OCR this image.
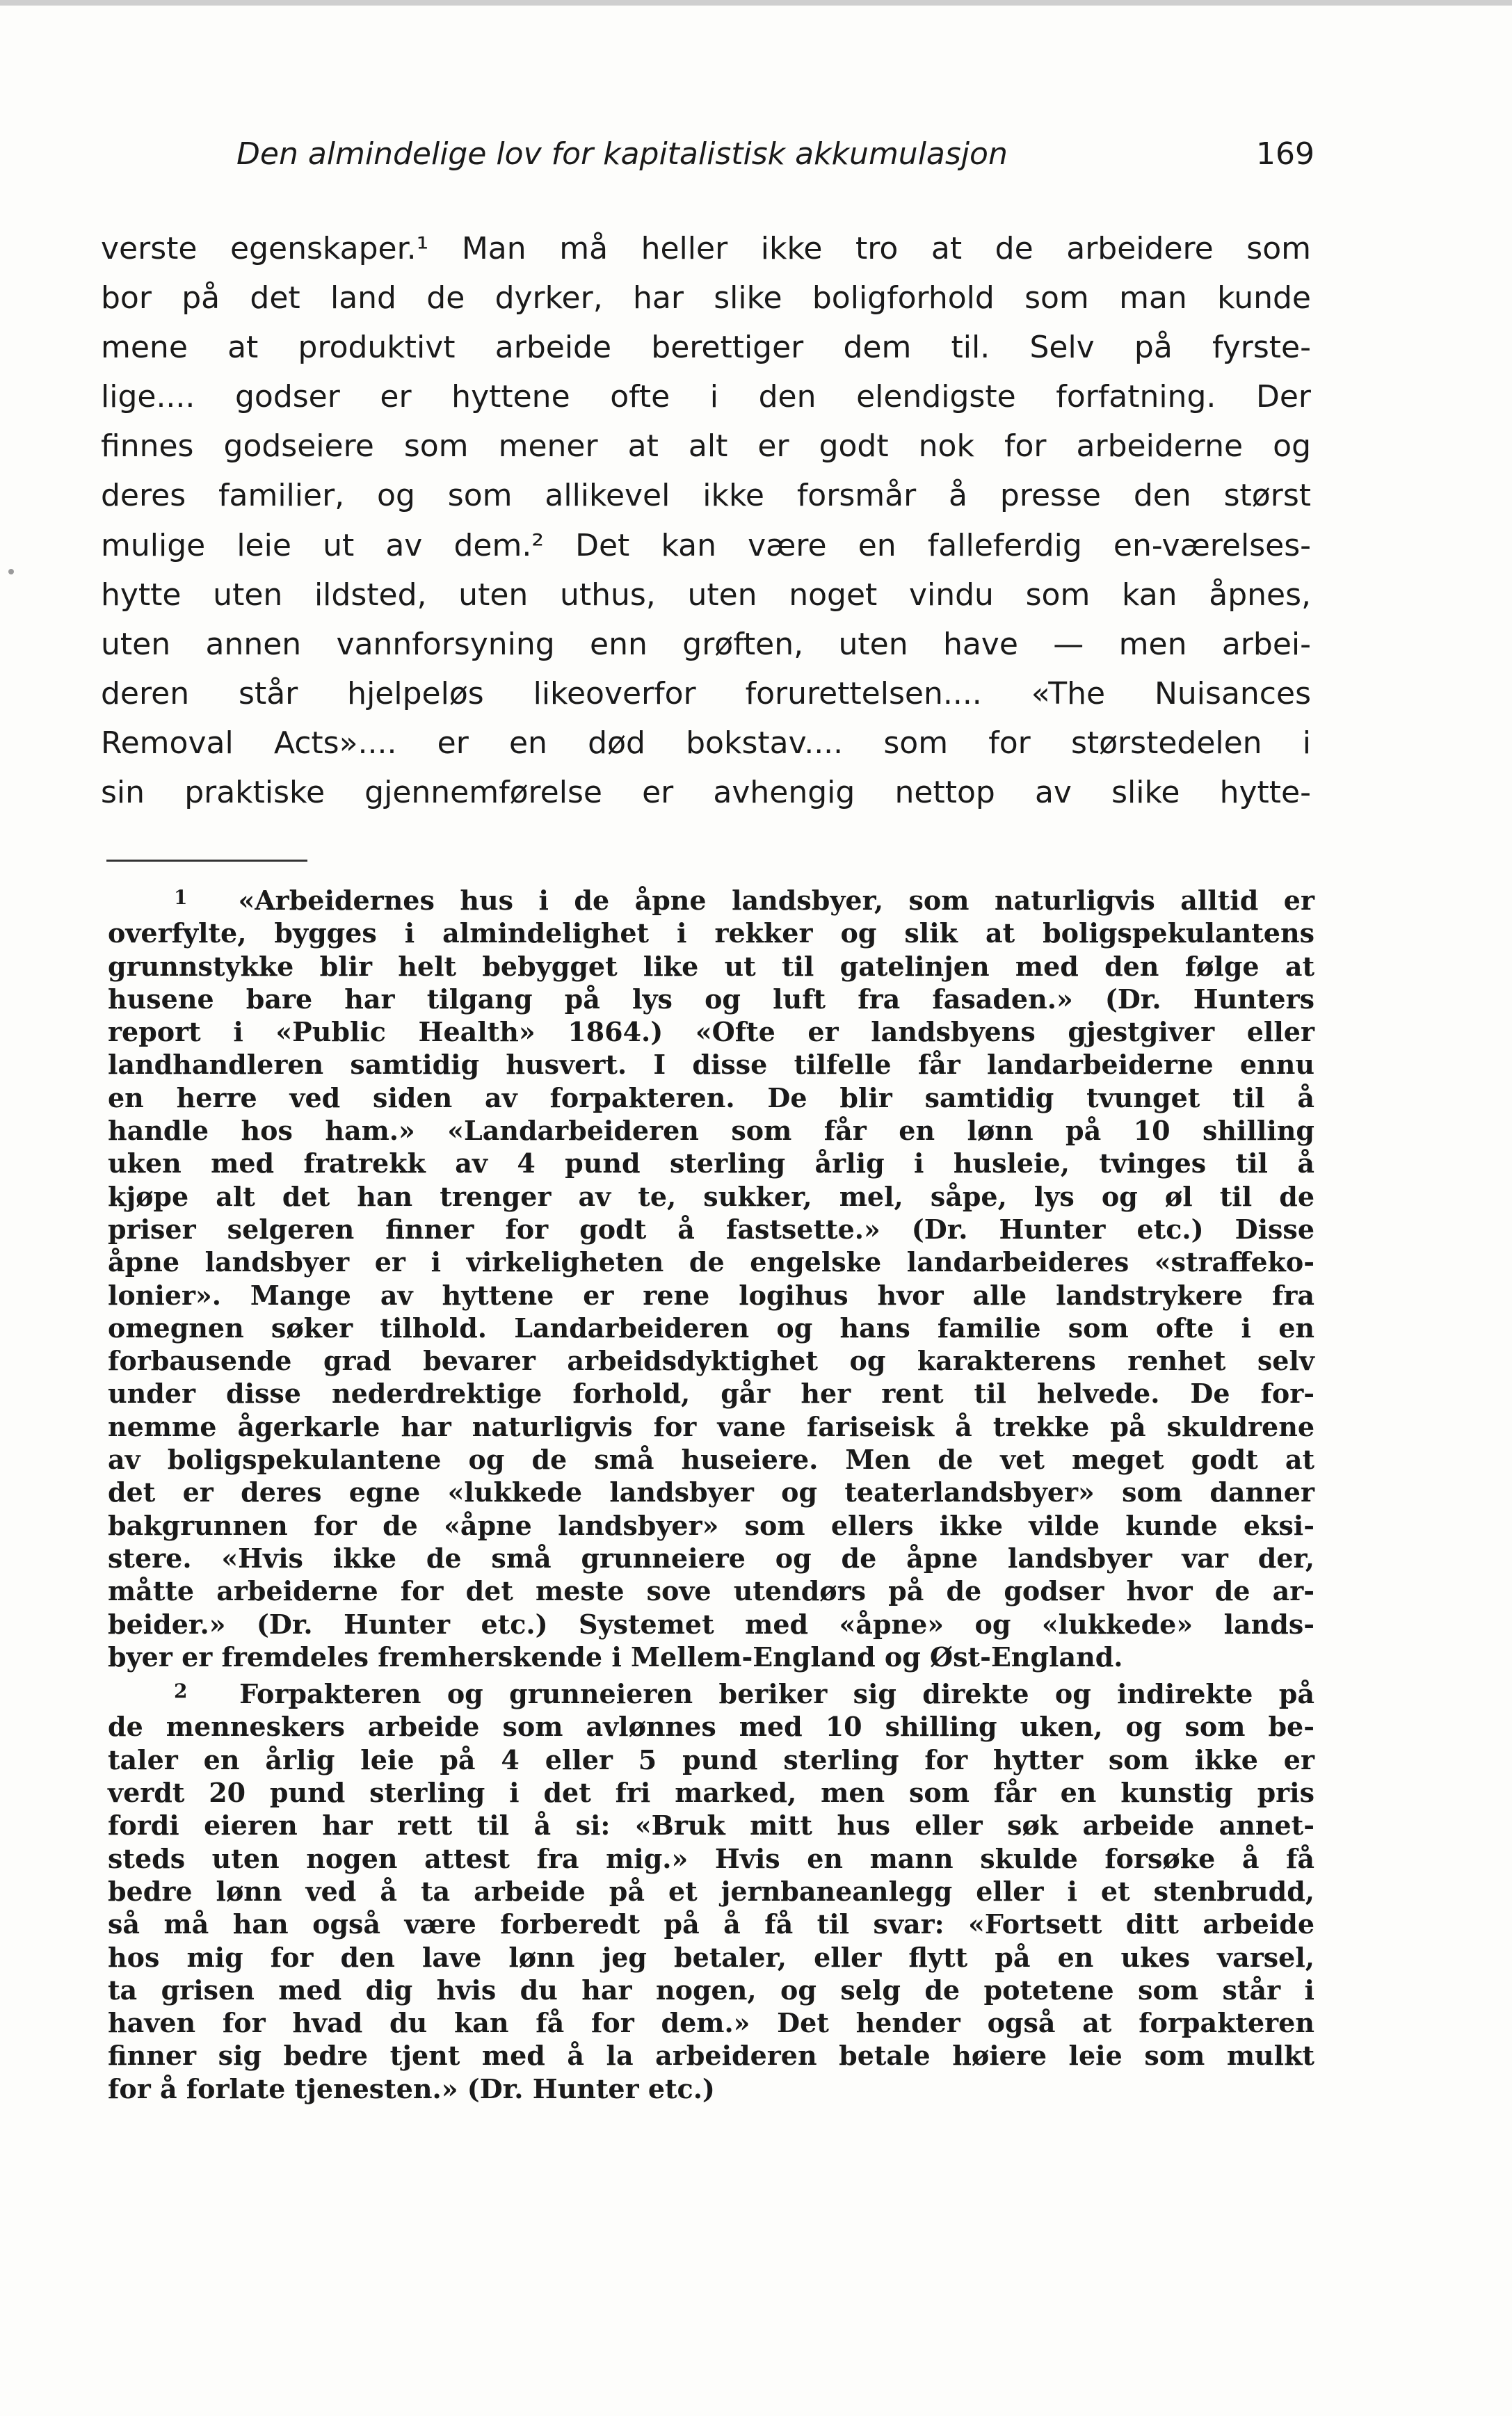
Den almindelige lov for kapitalistisk akkumulasjon	169
verste egenskaper.¹ Man må heller ikke tro at de arbeidere som
bor på det land de dyrker, har slike boligforhold som man kunde
mene at produktivt arbeide berettiger dem til. Selv på fyrste-
lige.... godser er hyttene ofte i den elendigste forfatning. Der
finnes godseiere som mener at alt er godt nok for arbeiderne og
deres familier, og som allikevel ikke forsmår å presse den størst
mulige leie ut av dem.² Det kan være en falleferdig en-værelses-
hytte uten ildsted, uten uthus, uten noget vindu som kan åpnes,
uten annen vannforsyning enn grøften, uten have — men arbei-
deren står hjelpeløs likeoverfor forurettelsen.... «The Nuisances
Removal Acts».... er en død bokstav.... som for størstedelen i
sin praktiske gjennemførelse er avhengig nettop av slike hytte-
$^1$ «Arbeidernes hus i de åpne landsbyer, som naturligvis alltid er
overfylte, bygges i almindelighet i rekker og slik at boligspekulantens
grunnstykke blir helt bebygget like ut til gatelinjen med den følge at
husene bare har tilgang på lys og luft fra fasaden.» (Dr. Hunters
report i «Public Health» 1864.) «Ofte er landsbyens gjestgiver eller
landhandleren samtidig husvert. I disse tilfelle får landarbeiderne ennu
en herre ved siden av forpakteren. De blir samtidig tvunget til å
handle hos ham.» «Landarbeideren som får en lønn på 10 shilling
uken med fratrekk av 4 pund sterling årlig i husleie, tvinges til å
kjøpe alt det han trenger av te, sukker, mel, såpe, lys og øl til de
priser selgeren finner for godt å fastsette.» (Dr. Hunter etc.) Disse
åpne landsbyer er i virkeligheten de engelske landarbeideres «straffeko-
lonier». Mange av hyttene er rene logihus hvor alle landstrykere fra
omegnen søker tilhold. Landarbeideren og hans familie som ofte i en
forbausende grad bevarer arbeidsdyktighet og karakterens renhet selv
under disse nederdrektige forhold, går her rent til helvede. De for-
nemme ågerkarle har naturligvis for vane fariseisk å trekke på skuldrene
av boligspekulantene og de små huseiere. Men de vet meget godt at
det er deres egne «lukkede landsbyer og teaterlandsbyer» som danner
bakgrunnen for de «åpne landsbyer» som ellers ikke vilde kunde eksi-
stere. «Hvis ikke de små grunneiere og de åpne landsbyer var der,
måtte arbeiderne for det meste sove utendørs på de godser hvor de ar-
beider.» (Dr. Hunter etc.) Systemet med «åpne» og «lukkede» lands-
byer er fremdeles fremherskende i Mellem-England og Øst-England.
$^2$ Forpakteren og grunneieren beriker sig direkte og indirekte på
de menneskers arbeide som avlønnes med 10 shilling uken, og som be-
taler en årlig leie på 4 eller 5 pund sterling for hytter som ikke er
verdt 20 pund sterling i det fri marked, men som får en kunstig pris
fordi eieren har rett til å si: «Bruk mitt hus eller søk arbeide annet-
steds uten nogen attest fra mig.» Hvis en mann skulde forsøke å få
bedre lønn ved å ta arbeide på et jernbaneanlegg eller i et stenbrudd,
så må han også være forberedt på å få til svar: «Fortsett ditt arbeide
hos mig for den lave lønn jeg betaler, eller flytt på en ukes varsel,
ta grisen med dig hvis du har nogen, og selg de potetene som står i
haven for hvad du kan få for dem.» Det hender også at forpakteren
finner sig bedre tjent med å la arbeideren betale høiere leie som mulkt
for å forlate tjenesten.» (Dr. Hunter etc.)
